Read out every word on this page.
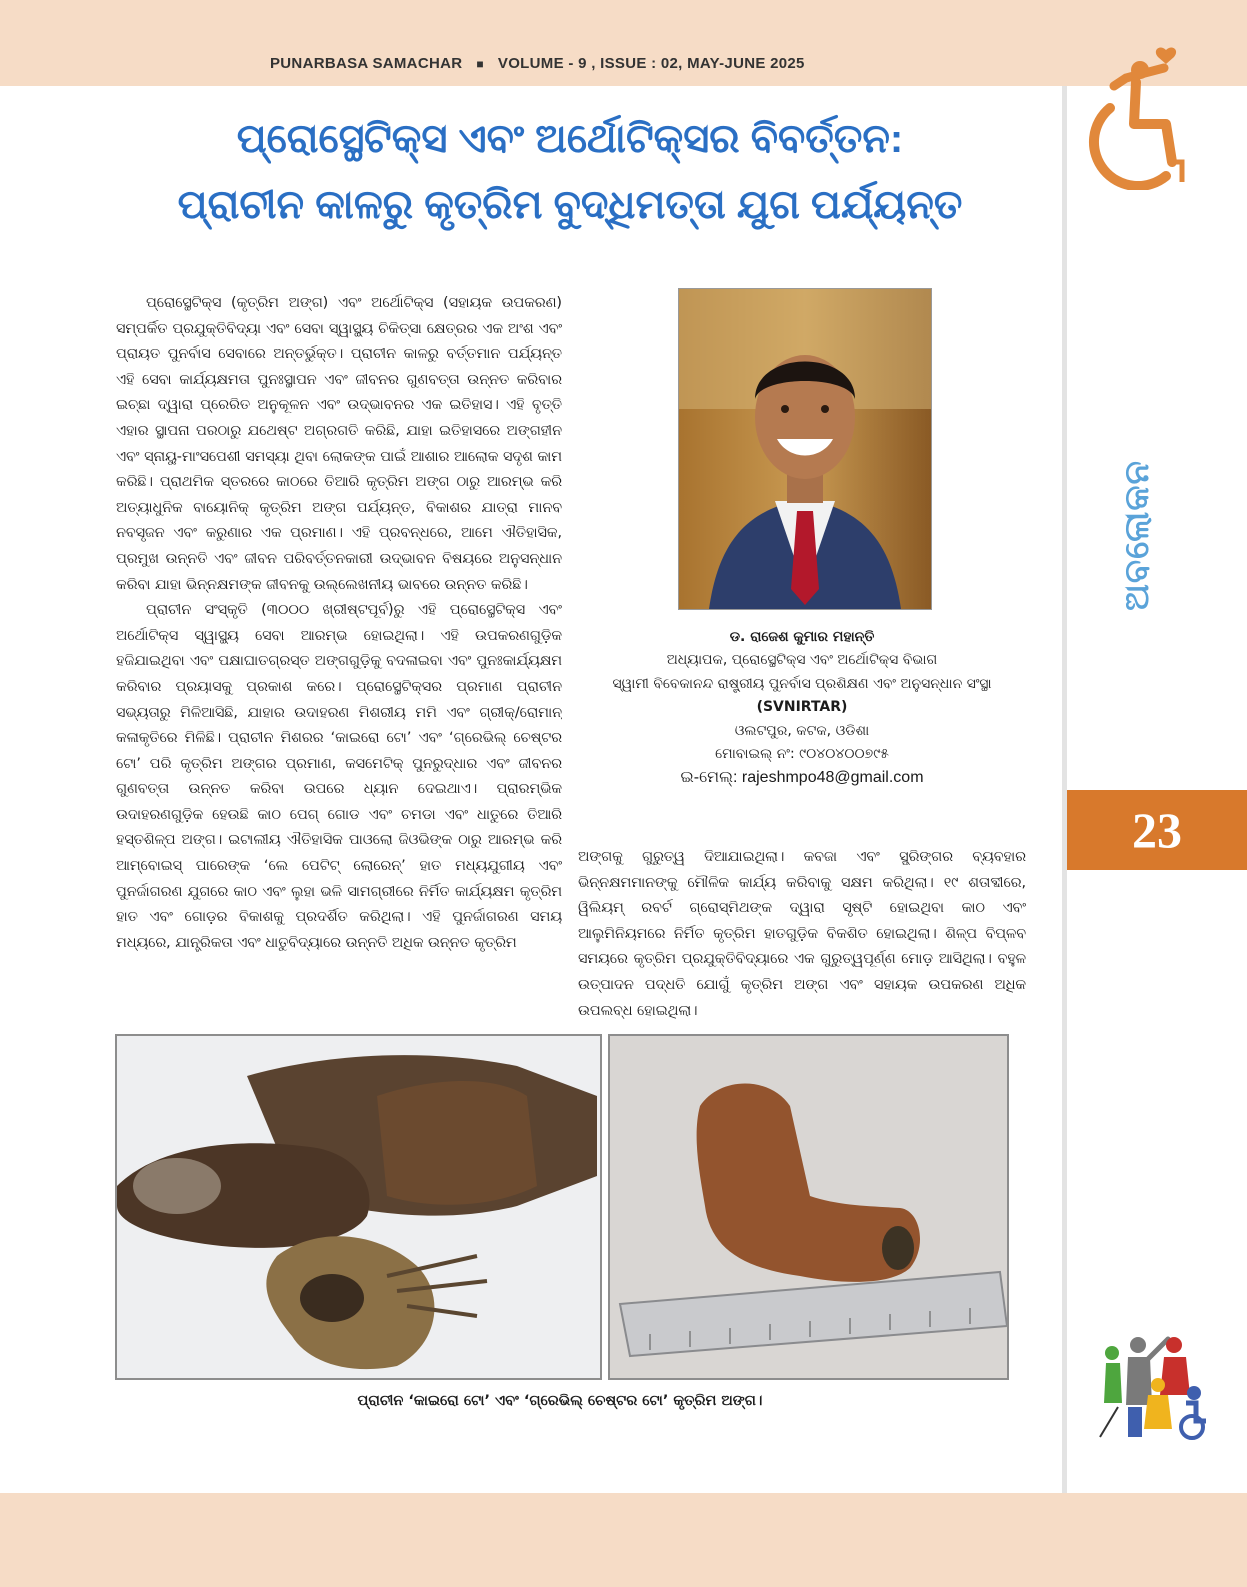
PUNARBASA SAMACHAR ■ VOLUME - 9 , ISSUE : 02, MAY-JUNE 2025
ଅବଲୋକନ
23
ପ୍ରୋସ୍ଥେଟିକ୍ସ ଏବଂ ଅର୍ଥୋଟିକ୍ସର ବିବର୍ତ୍ତନ:
ପ୍ରାଚୀନ କାଳରୁ କୃତ୍ରିମ ବୁଦ୍ଧିମତ୍ତା ଯୁଗ ପର୍ଯ୍ୟନ୍ତ

ପ୍ରୋସ୍ଥେଟିକ୍ସ (କୃତ୍ରିମ ଅଙ୍ଗ) ଏବଂ ଅର୍ଥୋଟିକ୍ସ (ସହାୟକ ଉପକରଣ) ସମ୍ପର୍କିତ ପ୍ରଯୁକ୍ତିବିଦ୍ୟା ଏବଂ ସେବା ସ୍ୱାସ୍ଥ୍ୟ ଚିକିତ୍ସା କ୍ଷେତ୍ରର ଏକ ଅଂଶ ଏବଂ ପ୍ରାୟତ ପୁନର୍ବାସ ସେବାରେ ଅନ୍ତର୍ଭୁକ୍ତ। ପ୍ରାଚୀନ କାଳରୁ ବର୍ତ୍ତମାନ ପର୍ଯ୍ୟନ୍ତ ଏହି ସେବା କାର୍ଯ୍ୟକ୍ଷମତା ପୁନଃସ୍ଥାପନ ଏବଂ ଜୀବନର ଗୁଣବତ୍ତା ଉନ୍ନତ କରିବାର ଇଚ୍ଛା ଦ୍ୱାରା ପ୍ରେରିତ ଅନୁକୂଳନ ଏବଂ ଉଦ୍ଭାବନର ଏକ ଇତିହାସ। ଏହି ବୃତ୍ତି ଏହାର ସ୍ଥାପନା ପରଠାରୁ ଯଥେଷ୍ଟ ଅଗ୍ରଗତି କରିଛି, ଯାହା ଇତିହାସରେ ଅଙ୍ଗହୀନ ଏବଂ ସ୍ନାୟୁ-ମାଂସପେଶୀ ସମସ୍ୟା ଥିବା ଲୋକଙ୍କ ପାଇଁ ଆଶାର ଆଲୋକ ସଦୃଶ କାମ କରିଛି। ପ୍ରାଥମିକ ସ୍ତରରେ କାଠରେ ତିଆରି କୃତ୍ରିମ ଅଙ୍ଗ ଠାରୁ ଆରମ୍ଭ କରି ଅତ୍ୟାଧୁନିକ ବାୟୋନିକ୍ କୃତ୍ରିମ ଅଙ୍ଗ ପର୍ଯ୍ୟନ୍ତ, ବିକାଶର ଯାତ୍ରା ମାନବ ନବସୃଜନ ଏବଂ କରୁଣାର ଏକ ପ୍ରମାଣ। ଏହି ପ୍ରବନ୍ଧରେ, ଆମେ ଐତିହାସିକ, ପ୍ରମୁଖ ଉନ୍ନତି ଏବଂ ଜୀବନ ପରିବର୍ତ୍ତନକାରୀ ଉଦ୍ଭାବନ ବିଷୟରେ ଅନୁସନ୍ଧାନ କରିବା ଯାହା ଭିନ୍ନକ୍ଷମଙ୍କ ଜୀବନକୁ ଉଲ୍ଲେଖନୀୟ ଭାବରେ ଉନ୍ନତ କରିଛି।

ପ୍ରାଚୀନ ସଂସ୍କୃତି (୩୦୦୦ ଖ୍ରୀଷ୍ଟପୂର୍ବ)ରୁ ଏହି ପ୍ରୋସ୍ଥେଟିକ୍ସ ଏବଂ ଅର୍ଥୋଟିକ୍ସ ସ୍ୱାସ୍ଥ୍ୟ ସେବା ଆରମ୍ଭ ହୋଇଥିଲା। ଏହି ଉପକରଣଗୁଡ଼ିକ ହଜିଯାଇଥିବା ଏବଂ ପକ୍ଷାଘାତଗ୍ରସ୍ତ ଅଙ୍ଗଗୁଡ଼ିକୁ ବଦଳାଇବା ଏବଂ ପୁନଃକାର୍ଯ୍ୟକ୍ଷମ କରିବାର ପ୍ରୟାସକୁ ପ୍ରକାଶ କରେ। ପ୍ରୋସ୍ଥେଟିକ୍ସର ପ୍ରମାଣ ପ୍ରାଚୀନ ସଭ୍ୟତାରୁ ମିଳିଆସିଛି, ଯାହାର ଉଦାହରଣ ମିଶରୀୟ ମମି ଏବଂ ଗ୍ରୀକ୍/ରୋମାନ୍ କଳାକୃତିରେ ମିଳିଛି। ପ୍ରାଚୀନ ମିଶରର ‘କାଇରୋ ଟୋ’ ଏବଂ ‘ଗ୍ରେଭିଲ୍ ଚେଷ୍ଟର ଟୋ’ ପରି କୃତ୍ରିମ ଅଙ୍ଗର ପ୍ରମାଣ, କସମେଟିକ୍ ପୁନରୁଦ୍ଧାର ଏବଂ ଜୀବନର ଗୁଣବତ୍ତା ଉନ୍ନତ କରିବା ଉପରେ ଧ୍ୟାନ ଦେଇଥାଏ। ପ୍ରାରମ୍ଭିକ ଉଦାହରଣଗୁଡ଼ିକ ହେଉଛି କାଠ ପେଗ୍ ଗୋଡ ଏବଂ ଚମଡା ଏବଂ ଧାତୁରେ ତିଆରି ହସ୍ତଶିଳ୍ପ ଅଙ୍ଗ। ଇଟାଲୀୟ ଐତିହାସିକ ପାଓଲୋ ଜିଓଭିଙ୍କ ଠାରୁ ଆରମ୍ଭ କରି ଆମ୍ବୋଇସ୍ ପାରେଙ୍କ ‘ଲେ ପେଟିଟ୍ ଲୋରେନ୍’ ହାତ ମଧ୍ୟଯୁଗୀୟ ଏବଂ ପୁନର୍ଜାଗରଣ ଯୁଗରେ କାଠ ଏବଂ ଲୁହା ଭଳି ସାମଗ୍ରୀରେ ନିର୍ମିତ କାର୍ଯ୍ୟକ୍ଷମ କୃତ୍ରିମ ହାତ ଏବଂ ଗୋଡ଼ର ବିକାଶକୁ ପ୍ରଦର୍ଶିତ କରିଥିଲା। ଏହି ପୁନର୍ଜାଗରଣ ସମୟ ମଧ୍ୟରେ, ଯାନ୍ତ୍ରିକତା ଏବଂ ଧାତୁବିଦ୍ୟାରେ ଉନ୍ନତି ଅଧିକ ଉନ୍ନତ କୃତ୍ରିମ

ଡ. ରାଜେଶ କୁମାର ମହାନ୍ତି
ଅଧ୍ୟାପକ, ପ୍ରୋସ୍ଥେଟିକ୍ସ ଏବଂ ଅର୍ଥୋଟିକ୍ସ ବିଭାଗ
ସ୍ୱାମୀ ବିବେକାନନ୍ଦ ରାଷ୍ଟ୍ରୀୟ ପୁନର୍ବାସ ପ୍ରଶିକ୍ଷଣ ଏବଂ ଅନୁସନ୍ଧାନ ସଂସ୍ଥା
(SVNIRTAR)
ଓଲଟପୁର, କଟକ, ଓଡିଶା
ମୋବାଇଲ୍ ନଂ: ୯୦୪୦୪୦୦୭୯୫
ଇ-ମେଲ୍: rajeshmpo48@gmail.com

ଅଙ୍ଗକୁ ଗୁରୁତ୍ୱ ଦିଆଯାଇଥିଲା। କବଜା ଏବଂ ସ୍ପ୍ରିଙ୍ଗର ବ୍ୟବହାର ଭିନ୍ନକ୍ଷମମାନଙ୍କୁ ମୌଳିକ କାର୍ଯ୍ୟ କରିବାକୁ ସକ୍ଷମ କରିଥିଲା। ୧୯ ଶତାବ୍ଦୀରେ, ୱିଲିୟମ୍ ରବର୍ଟ ଗ୍ରୋସ୍ମିଥଙ୍କ ଦ୍ୱାରା ସୃଷ୍ଟି ହୋଇଥିବା କାଠ ଏବଂ ଆଲୁମିନିୟମରେ ନିର୍ମିତ କୃତ୍ରିମ ହାତଗୁଡ଼ିକ ବିକଶିତ ହୋଇଥିଲା। ଶିଳ୍ପ ବିପ୍ଳବ ସମୟରେ କୃତ୍ରିମ ପ୍ରଯୁକ୍ତିବିଦ୍ୟାରେ ଏକ ଗୁରୁତ୍ୱପୂର୍ଣ୍ଣ ମୋଡ଼ ଆସିଥିଲା। ବହୁଳ ଉତ୍ପାଦନ ପଦ୍ଧତି ଯୋଗୁଁ କୃତ୍ରିମ ଅଙ୍ଗ ଏବଂ ସହାୟକ ଉପକରଣ ଅଧିକ ଉପଲବ୍ଧ ହୋଇଥିଲା।

ପ୍ରାଚୀନ ‘କାଇରୋ ଟୋ’ ଏବଂ ‘ଗ୍ରେଭିଲ୍ ଚେଷ୍ଟର ଟୋ’ କୃତ୍ରିମ ଅଙ୍ଗ।
